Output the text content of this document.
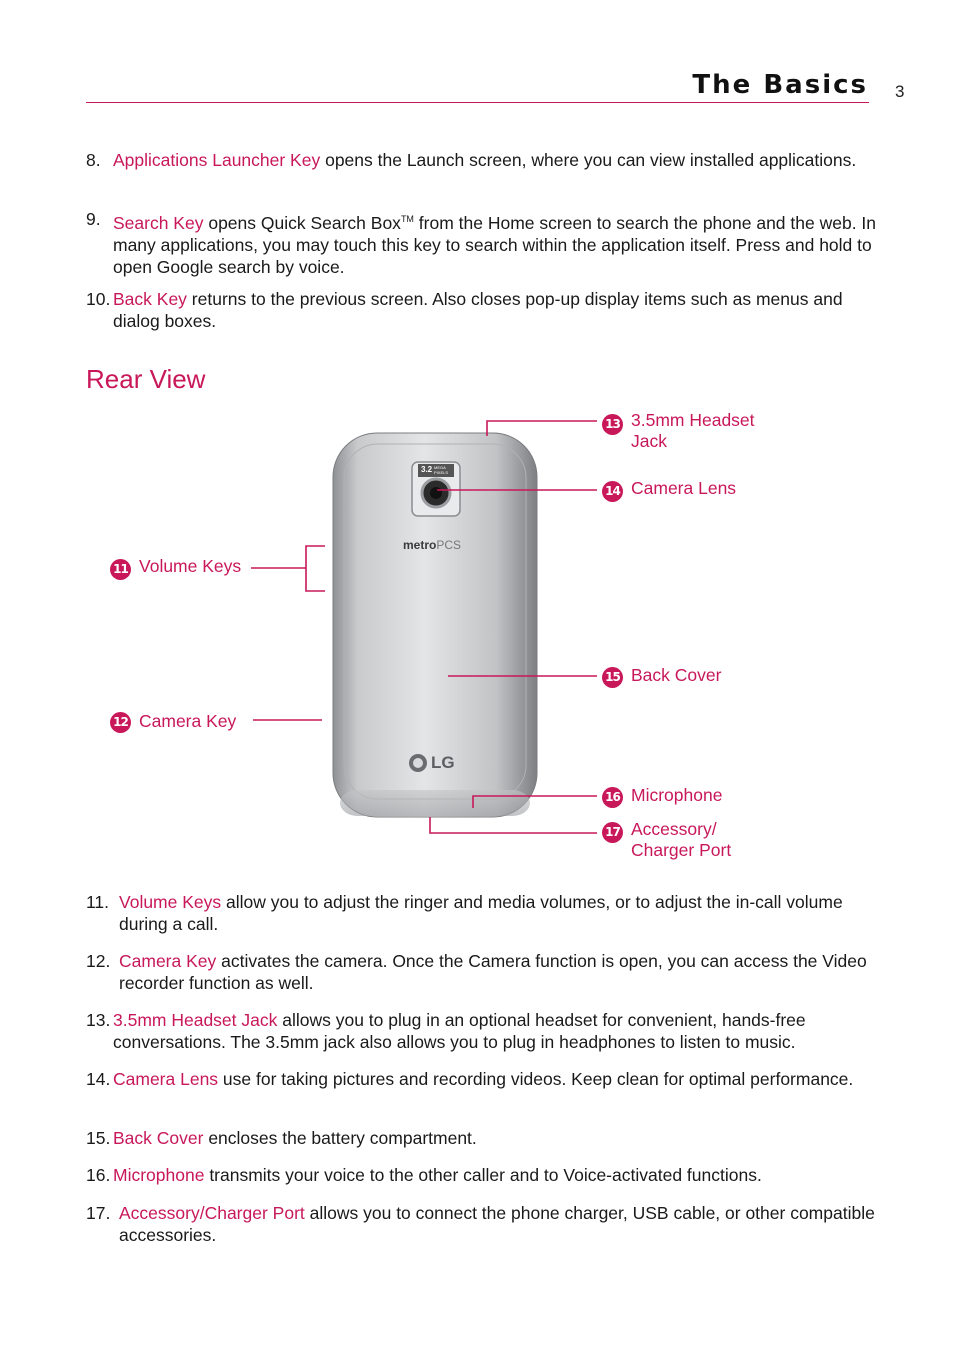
The Basics 3
8. Applications Launcher Key opens the Launch screen, where you can view installed applications.
9. Search Key opens Quick Search Box™ from the Home screen to search the phone and the web. In many applications, you may touch this key to search within the application itself. Press and hold to open Google search by voice.
10. Back Key returns to the previous screen. Also closes pop-up display items such as menus and dialog boxes.
Rear View
3.2 MEGA PIXELS
metroPCS
LG
11 Volume Keys
12 Camera Key
13 3.5mm Headset
Jack
14 Camera Lens
15 Back Cover
16 Microphone
17 Accessory/
Charger Port
11. Volume Keys allow you to adjust the ringer and media volumes, or to adjust the in-call volume during a call.
12. Camera Key activates the camera. Once the Camera function is open, you can access the Video recorder function as well.
13. 3.5mm Headset Jack allows you to plug in an optional headset for convenient, hands-free conversations. The 3.5mm jack also allows you to plug in headphones to listen to music.
14. Camera Lens use for taking pictures and recording videos. Keep clean for optimal performance.
15. Back Cover encloses the battery compartment.
16. Microphone transmits your voice to the other caller and to Voice-activated functions.
17. Accessory/Charger Port allows you to connect the phone charger, USB cable, or other compatible accessories.
